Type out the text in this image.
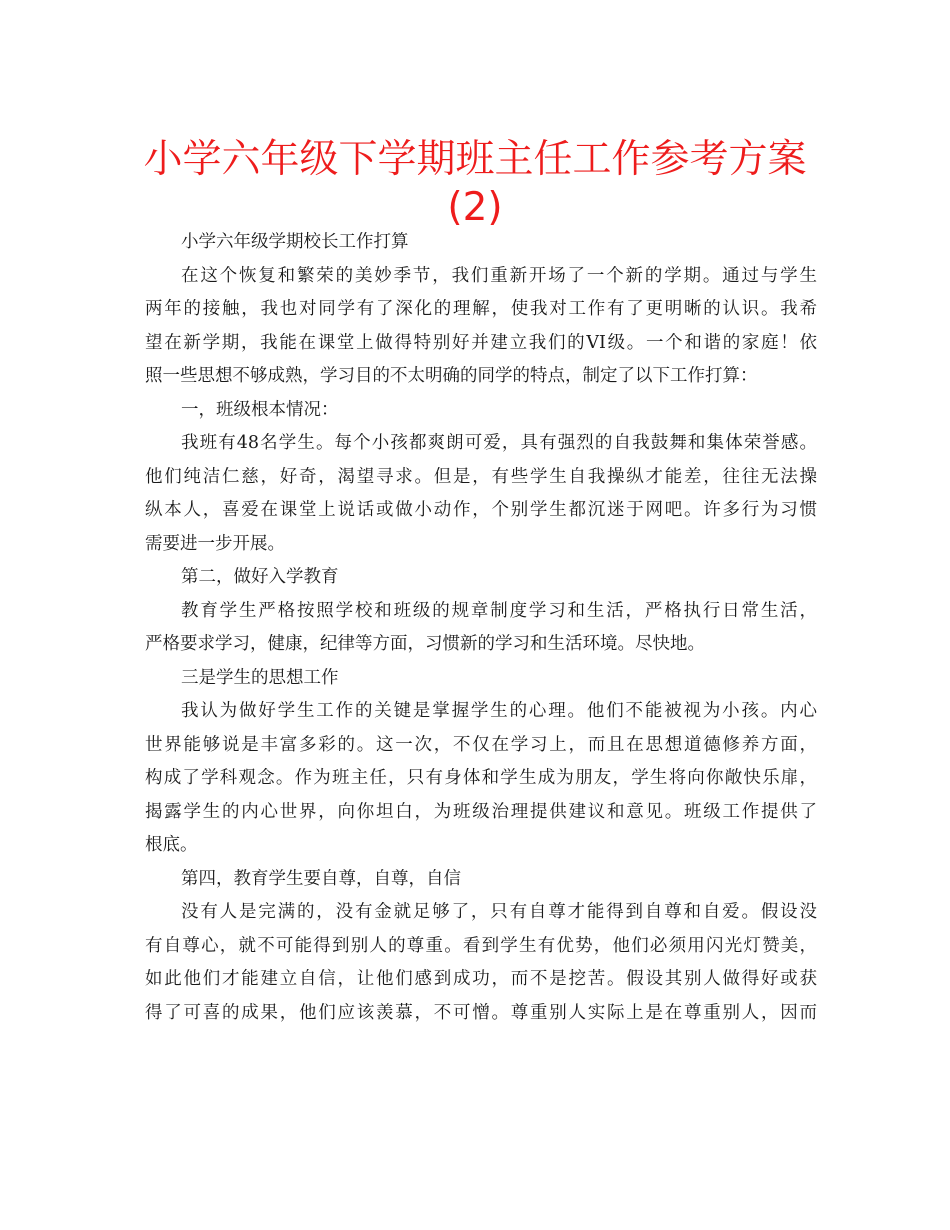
小学六年级下学期班主任工作参考方案
(2)

小学六年级学期校长工作打算

在这个恢复和繁荣的美妙季节，我们重新开场了一个新的学期。通过与学生

两年的接触，我也对同学有了深化的理解，使我对工作有了更明晰的认识。我希

望在新学期，我能在课堂上做得特别好并建立我们的VI级。一个和谐的家庭！依

照一些思想不够成熟，学习目的不太明确的同学的特点，制定了以下工作打算：

一，班级根本情况：

我班有48名学生。每个小孩都爽朗可爱，具有强烈的自我鼓舞和集体荣誉感。

他们纯洁仁慈，好奇，渴望寻求。但是，有些学生自我操纵才能差，往往无法操

纵本人，喜爱在课堂上说话或做小动作，个别学生都沉迷于网吧。许多行为习惯

需要进一步开展。

第二，做好入学教育

教育学生严格按照学校和班级的规章制度学习和生活，严格执行日常生活，

严格要求学习，健康，纪律等方面，习惯新的学习和生活环境。尽快地。

三是学生的思想工作

我认为做好学生工作的关键是掌握学生的心理。他们不能被视为小孩。内心

世界能够说是丰富多彩的。这一次，不仅在学习上，而且在思想道德修养方面，

构成了学科观念。作为班主任，只有身体和学生成为朋友，学生将向你敞快乐扉，

揭露学生的内心世界，向你坦白，为班级治理提供建议和意见。班级工作提供了

根底。

第四，教育学生要自尊，自尊，自信

没有人是完满的，没有金就足够了，只有自尊才能得到自尊和自爱。假设没

有自尊心，就不可能得到别人的尊重。看到学生有优势，他们必须用闪光灯赞美，

如此他们才能建立自信，让他们感到成功，而不是挖苦。假设其别人做得好或获

得了可喜的成果，他们应该羡慕，不可憎。尊重别人实际上是在尊重别人，因而
